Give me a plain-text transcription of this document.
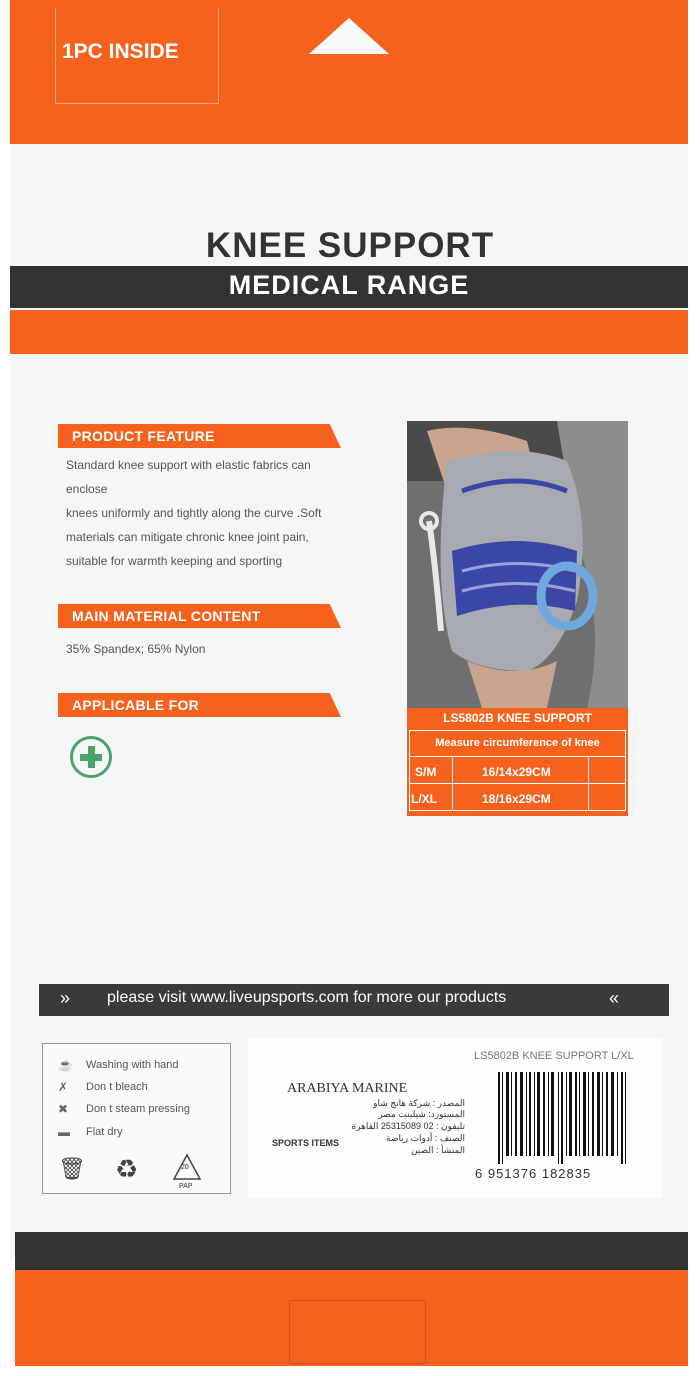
1PC INSIDE
KNEE SUPPORT
MEDICAL RANGE
PRODUCT FEATURE
Standard knee support with elastic fabrics can
enclose
knees uniformly and tightly along the curve .Soft
materials can mitigate chronic knee joint pain,
suitable for warmth keeping and sporting
MAIN MATERIAL CONTENT
35% Spandex; 65% Nylon
APPLICABLE FOR
LS5802B KNEE SUPPORT
Measure circumference of knee
S/M	16/14x29CM
L/XL	18/16x29CM
» please visit www.liveupsports.com for more our products	«
☕ Washing with hand
✗ Don t bleach
✖ Don t steam pressing
▬ Flat dry
🗑 ♻	20
PAP
LS5802B KNEE SUPPORT L/XL
ARABIYA MARINE
المصدر : شركة هانج شاو
المستورد: شيلينت مصر
تليفون : 02 25315089 القاهرة
الصنف : أدوات رياضة
المنشأ : الصين
SPORTS ITEMS
6 951376 182835
